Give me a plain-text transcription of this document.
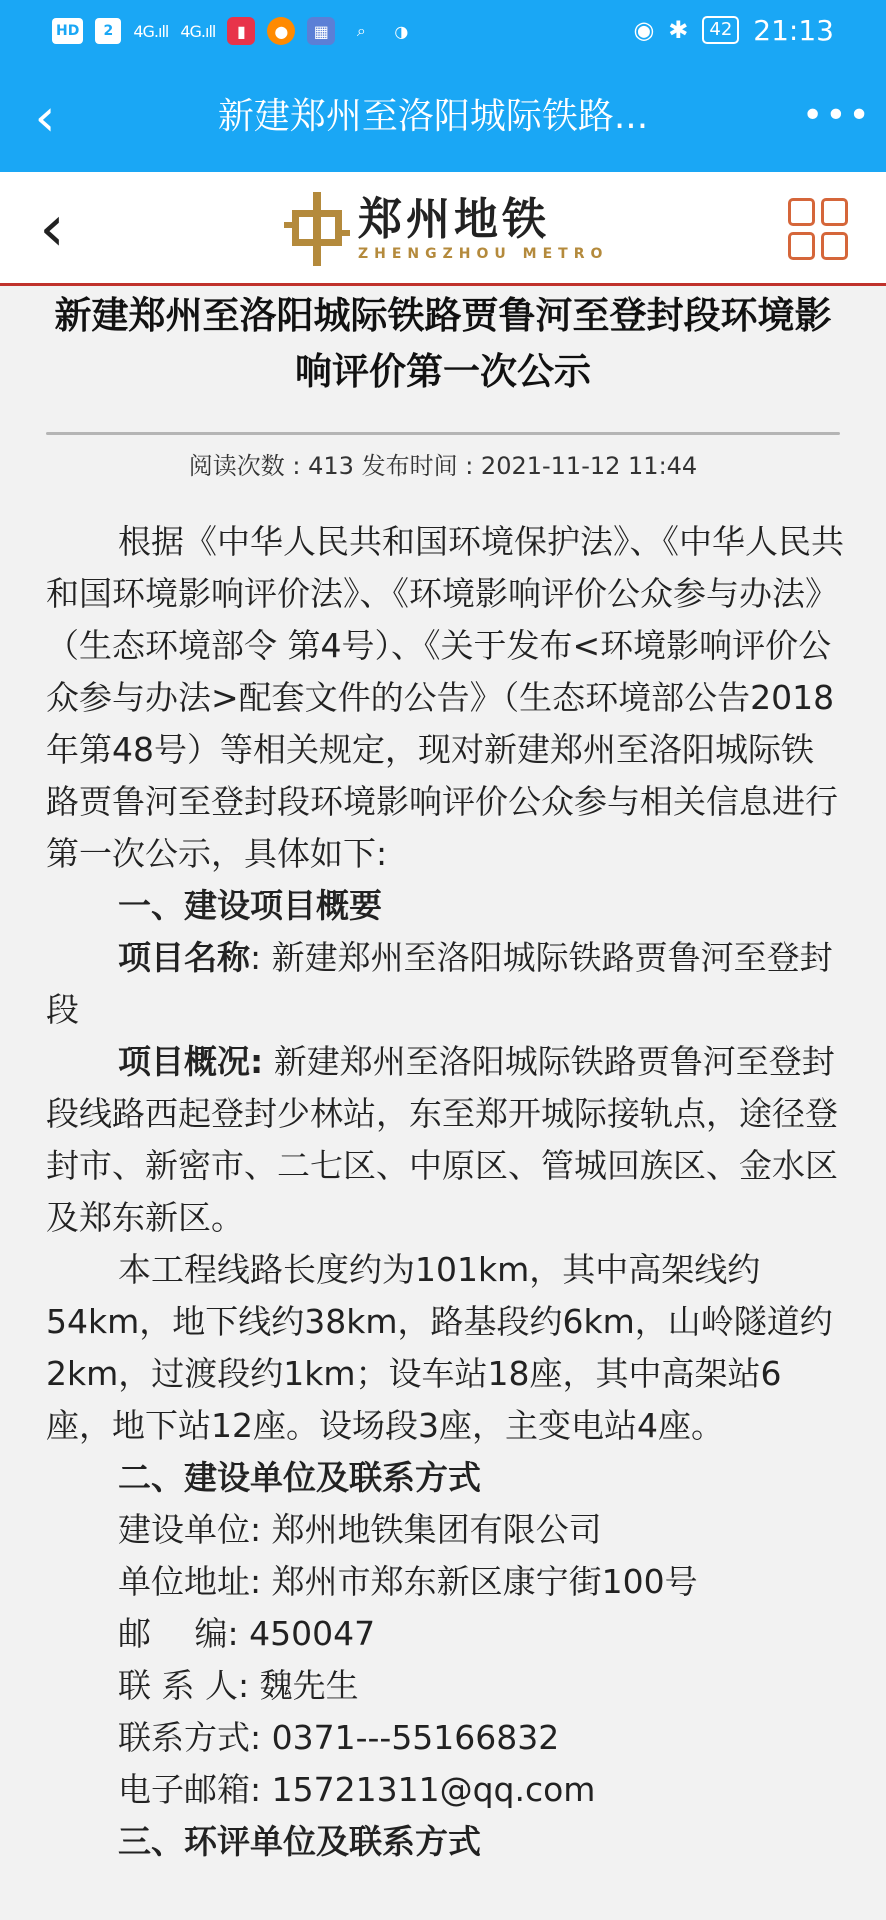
HD	2	4G.ıll 4G.ıll	▮	●	▦	⌕	◑	◉ ✱	42 21:13
‹	新建郑州至洛阳城际铁路...	•••
‹	郑州地铁
ZHENGZHOU METRO
新建郑州至洛阳城际铁路贾鲁河至登封段环境影响评价第一次公示
阅读次数 : 413 发布时间 : 2021-11-12 11:44

根据《中华人民共和国环境保护法》、《中华人民共和国环境影响评价法》、《环境影响评价公众参与办法》（生态环境部令 第4号）、《关于发布<环境影响评价公众参与办法>配套文件的公告》（生态环境部公告2018年第48号）等相关规定，现对新建郑州至洛阳城际铁路贾鲁河至登封段环境影响评价公众参与相关信息进行第一次公示，具体如下:

一、建设项目概要

项目名称: 新建郑州至洛阳城际铁路贾鲁河至登封段

项目概况: 新建郑州至洛阳城际铁路贾鲁河至登封段线路西起登封少林站，东至郑开城际接轨点，途径登封市、新密市、二七区、中原区、管城回族区、金水区及郑东新区。

本工程线路长度约为101km，其中高架线约54km，地下线约38km，路基段约6km，山岭隧道约2km，过渡段约1km；设车站18座，其中高架站6座，地下站12座。设场段3座，主变电站4座。

二、建设单位及联系方式

建设单位: 郑州地铁集团有限公司

单位地址: 郑州市郑东新区康宁街100号

邮　 编: 450047

联 系 人: 魏先生

联系方式: 0371---55166832

电子邮箱: 15721311@qq.com

三、环评单位及联系方式
